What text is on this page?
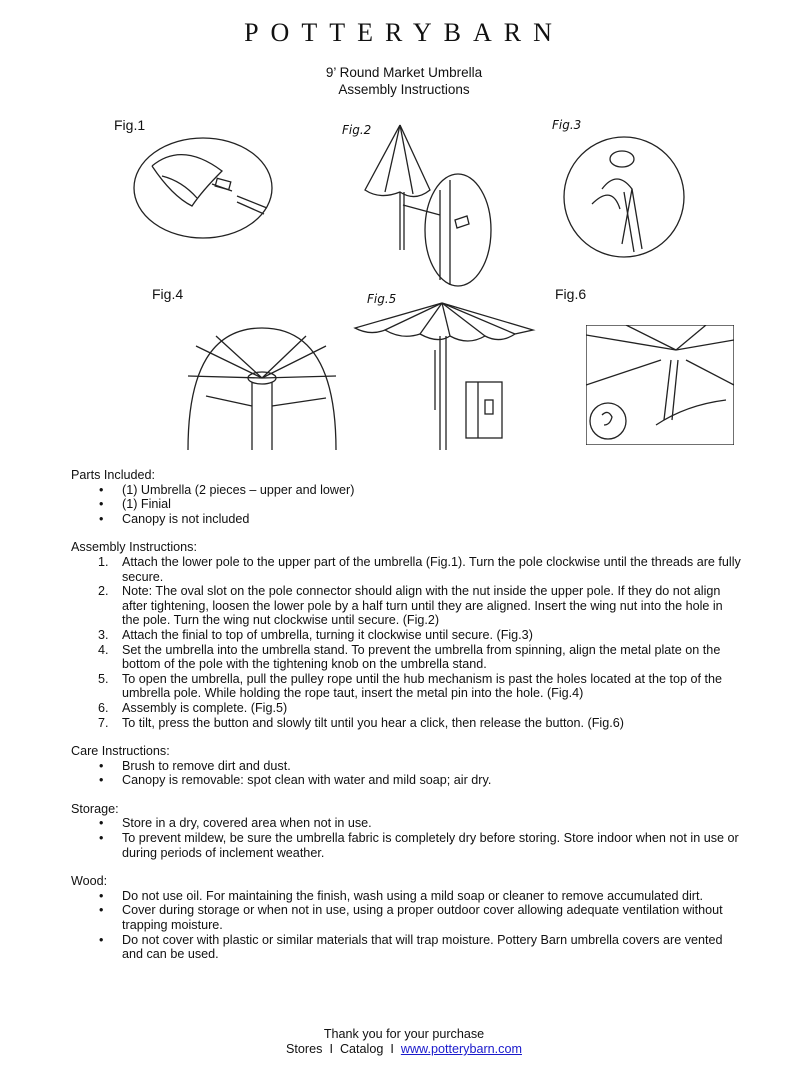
POTTERYBARN
9’ Round Market Umbrella
Assembly Instructions
Fig.1	Fig.2	Fig.3
Fig.4	Fig.5	Fig.6
Parts Included:
• (1) Umbrella (2 pieces – upper and lower)
• (1) Finial
• Canopy is not included
Assembly Instructions:
1. Attach the lower pole to the upper part of the umbrella (Fig.1). Turn the pole clockwise until the threads are fully secure.
2. Note: The oval slot on the pole connector should align with the nut inside the upper pole. If they do not align after tightening, loosen the lower pole by a half turn until they are aligned. Insert the wing nut into the hole in the pole. Turn the wing nut clockwise until secure. (Fig.2)
3. Attach the finial to top of umbrella, turning it clockwise until secure. (Fig.3)
4. Set the umbrella into the umbrella stand. To prevent the umbrella from spinning, align the metal plate on the bottom of the pole with the tightening knob on the umbrella stand.
5. To open the umbrella, pull the pulley rope until the hub mechanism is past the holes located at the top of the umbrella pole. While holding the rope taut, insert the metal pin into the hole. (Fig.4)
6. Assembly is complete. (Fig.5)
7. To tilt, press the button and slowly tilt until you hear a click, then release the button. (Fig.6)
Care Instructions:
• Brush to remove dirt and dust.
• Canopy is removable: spot clean with water and mild soap; air dry.
Storage:
• Store in a dry, covered area when not in use.
• To prevent mildew, be sure the umbrella fabric is completely dry before storing. Store indoor when not in use or during periods of inclement weather.
Wood:
• Do not use oil. For maintaining the finish, wash using a mild soap or cleaner to remove accumulated dirt.
• Cover during storage or when not in use, using a proper outdoor cover allowing adequate ventilation without trapping moisture.
• Do not cover with plastic or similar materials that will trap moisture. Pottery Barn umbrella covers are vented and can be used.
Thank you for your purchase
Stores I Catalog I www.potterybarn.com
